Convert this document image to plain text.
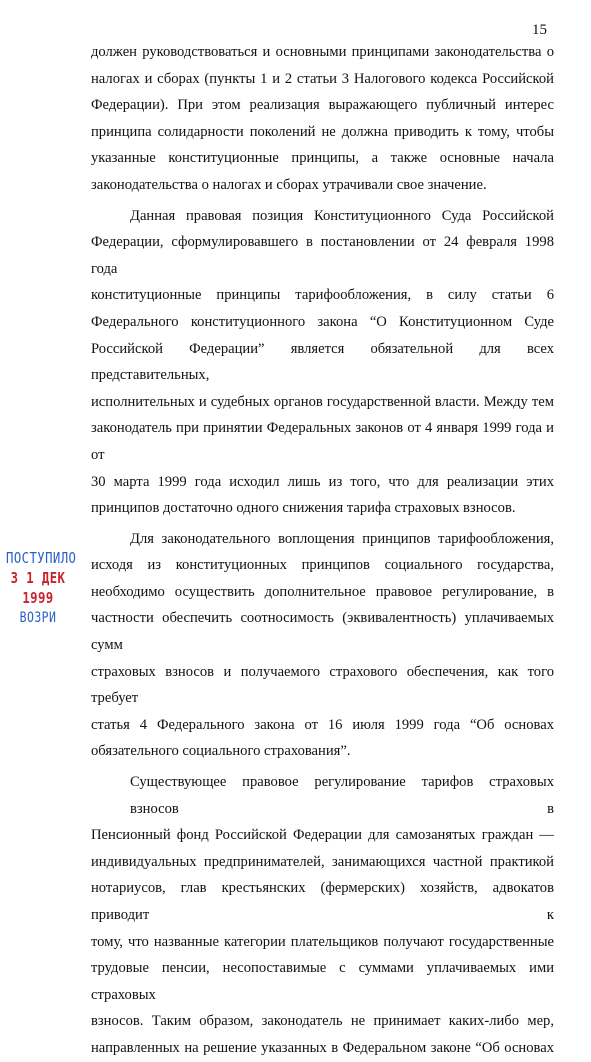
15

должен руководствоваться и основными принципами законодательства о
налогах и сборах (пункты 1 и 2 статьи 3 Налогового кодекса Российской
Федерации). При этом реализация выражающего публичный интерес
принципа солидарности поколений не должна приводить к тому, чтобы
указанные конституционные принципы, а также основные начала
законодательства о налогах и сборах утрачивали свое значение.

Данная правовая позиция Конституционного Суда Российской
Федерации, сформулировавшего в постановлении от 24 февраля 1998 года
конституционные принципы тарифообложения, в силу статьи 6
Федерального конституционного закона “О Конституционном Суде
Российской Федерации” является обязательной для всех представительных,
исполнительных и судебных органов государственной власти. Между тем
законодатель при принятии Федеральных законов от 4 января 1999 года и от
30 марта 1999 года исходил лишь из того, что для реализации этих
принципов достаточно одного снижения тарифа страховых взносов.

Для законодательного воплощения принципов тарифообложения,
исходя из конституционных принципов социального государства,
необходимо осуществить дополнительное правовое регулирование, в
частности обеспечить соотносимость (эквивалентность) уплачиваемых сумм
страховых взносов и получаемого страхового обеспечения, как того требует
статья 4 Федерального закона от 16 июля 1999 года “Об основах
обязательного социального страхования”.

Существующее правовое регулирование тарифов страховых взносов в
Пенсионный фонд Российской Федерации для самозанятых граждан —
индивидуальных предпринимателей, занимающихся частной практикой
нотариусов, глав крестьянских (фермерских) хозяйств, адвокатов приводит к
тому, что названные категории плательщиков получают государственные
трудовые пенсии, несопоставимые с суммами уплачиваемых ими страховых
взносов. Таким образом, законодатель не принимает каких-либо мер,
направленных на решение указанных в Федеральном законе “Об основах

ПОСТУПИЛО
3 1 ДЕК 1999
ВОЗРИ
